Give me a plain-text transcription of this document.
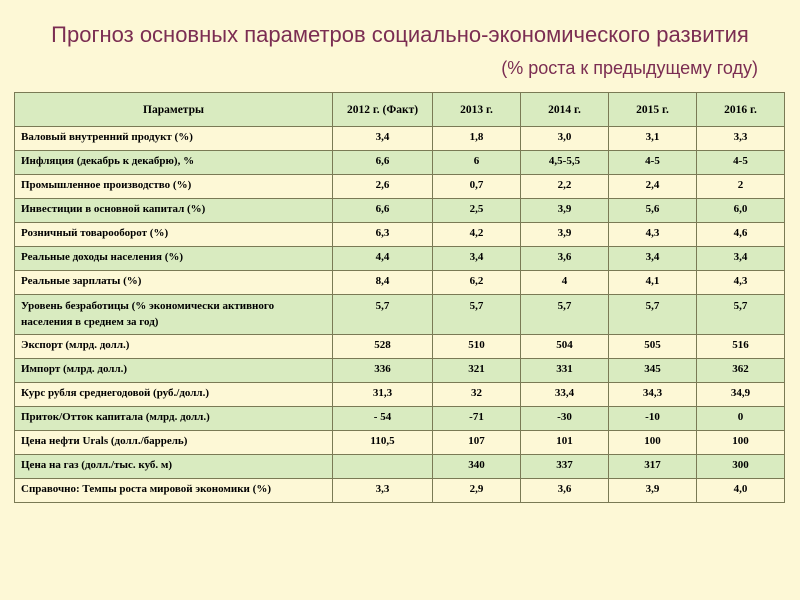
Прогноз основных параметров социально-экономического развития
(% роста к предыдущему году)
Параметры	2012 г. (Факт)	2013 г.	2014 г.	2015 г.	2016 г.
Валовый внутренний продукт (%)	3,4	1,8	3,0	3,1	3,3
Инфляция (декабрь к декабрю), %	6,6	6	4,5-5,5	4-5	4-5
Промышленное производство (%)	2,6	0,7	2,2	2,4	2
Инвестиции в основной капитал (%)	6,6	2,5	3,9	5,6	6,0
Розничный товарооборот (%)	6,3	4,2	3,9	4,3	4,6
Реальные доходы населения (%)	4,4	3,4	3,6	3,4	3,4
Реальные зарплаты (%)	8,4	6,2	4	4,1	4,3
Уровень безработицы (% экономически активного населения в среднем за год)	5,7	5,7	5,7	5,7	5,7
Экспорт (млрд. долл.)	528	510	504	505	516
Импорт (млрд. долл.)	336	321	331	345	362
Курс рубля среднегодовой (руб./долл.)	31,3	32	33,4	34,3	34,9
Приток/Отток капитала (млрд. долл.)	- 54	-71	-30	-10	0
Цена нефти Urals (долл./баррель)	110,5	107	101	100	100
Цена на газ (долл./тыс. куб. м)		340	337	317	300
Справочно: Темпы роста мировой экономики (%)	3,3	2,9	3,6	3,9	4,0
